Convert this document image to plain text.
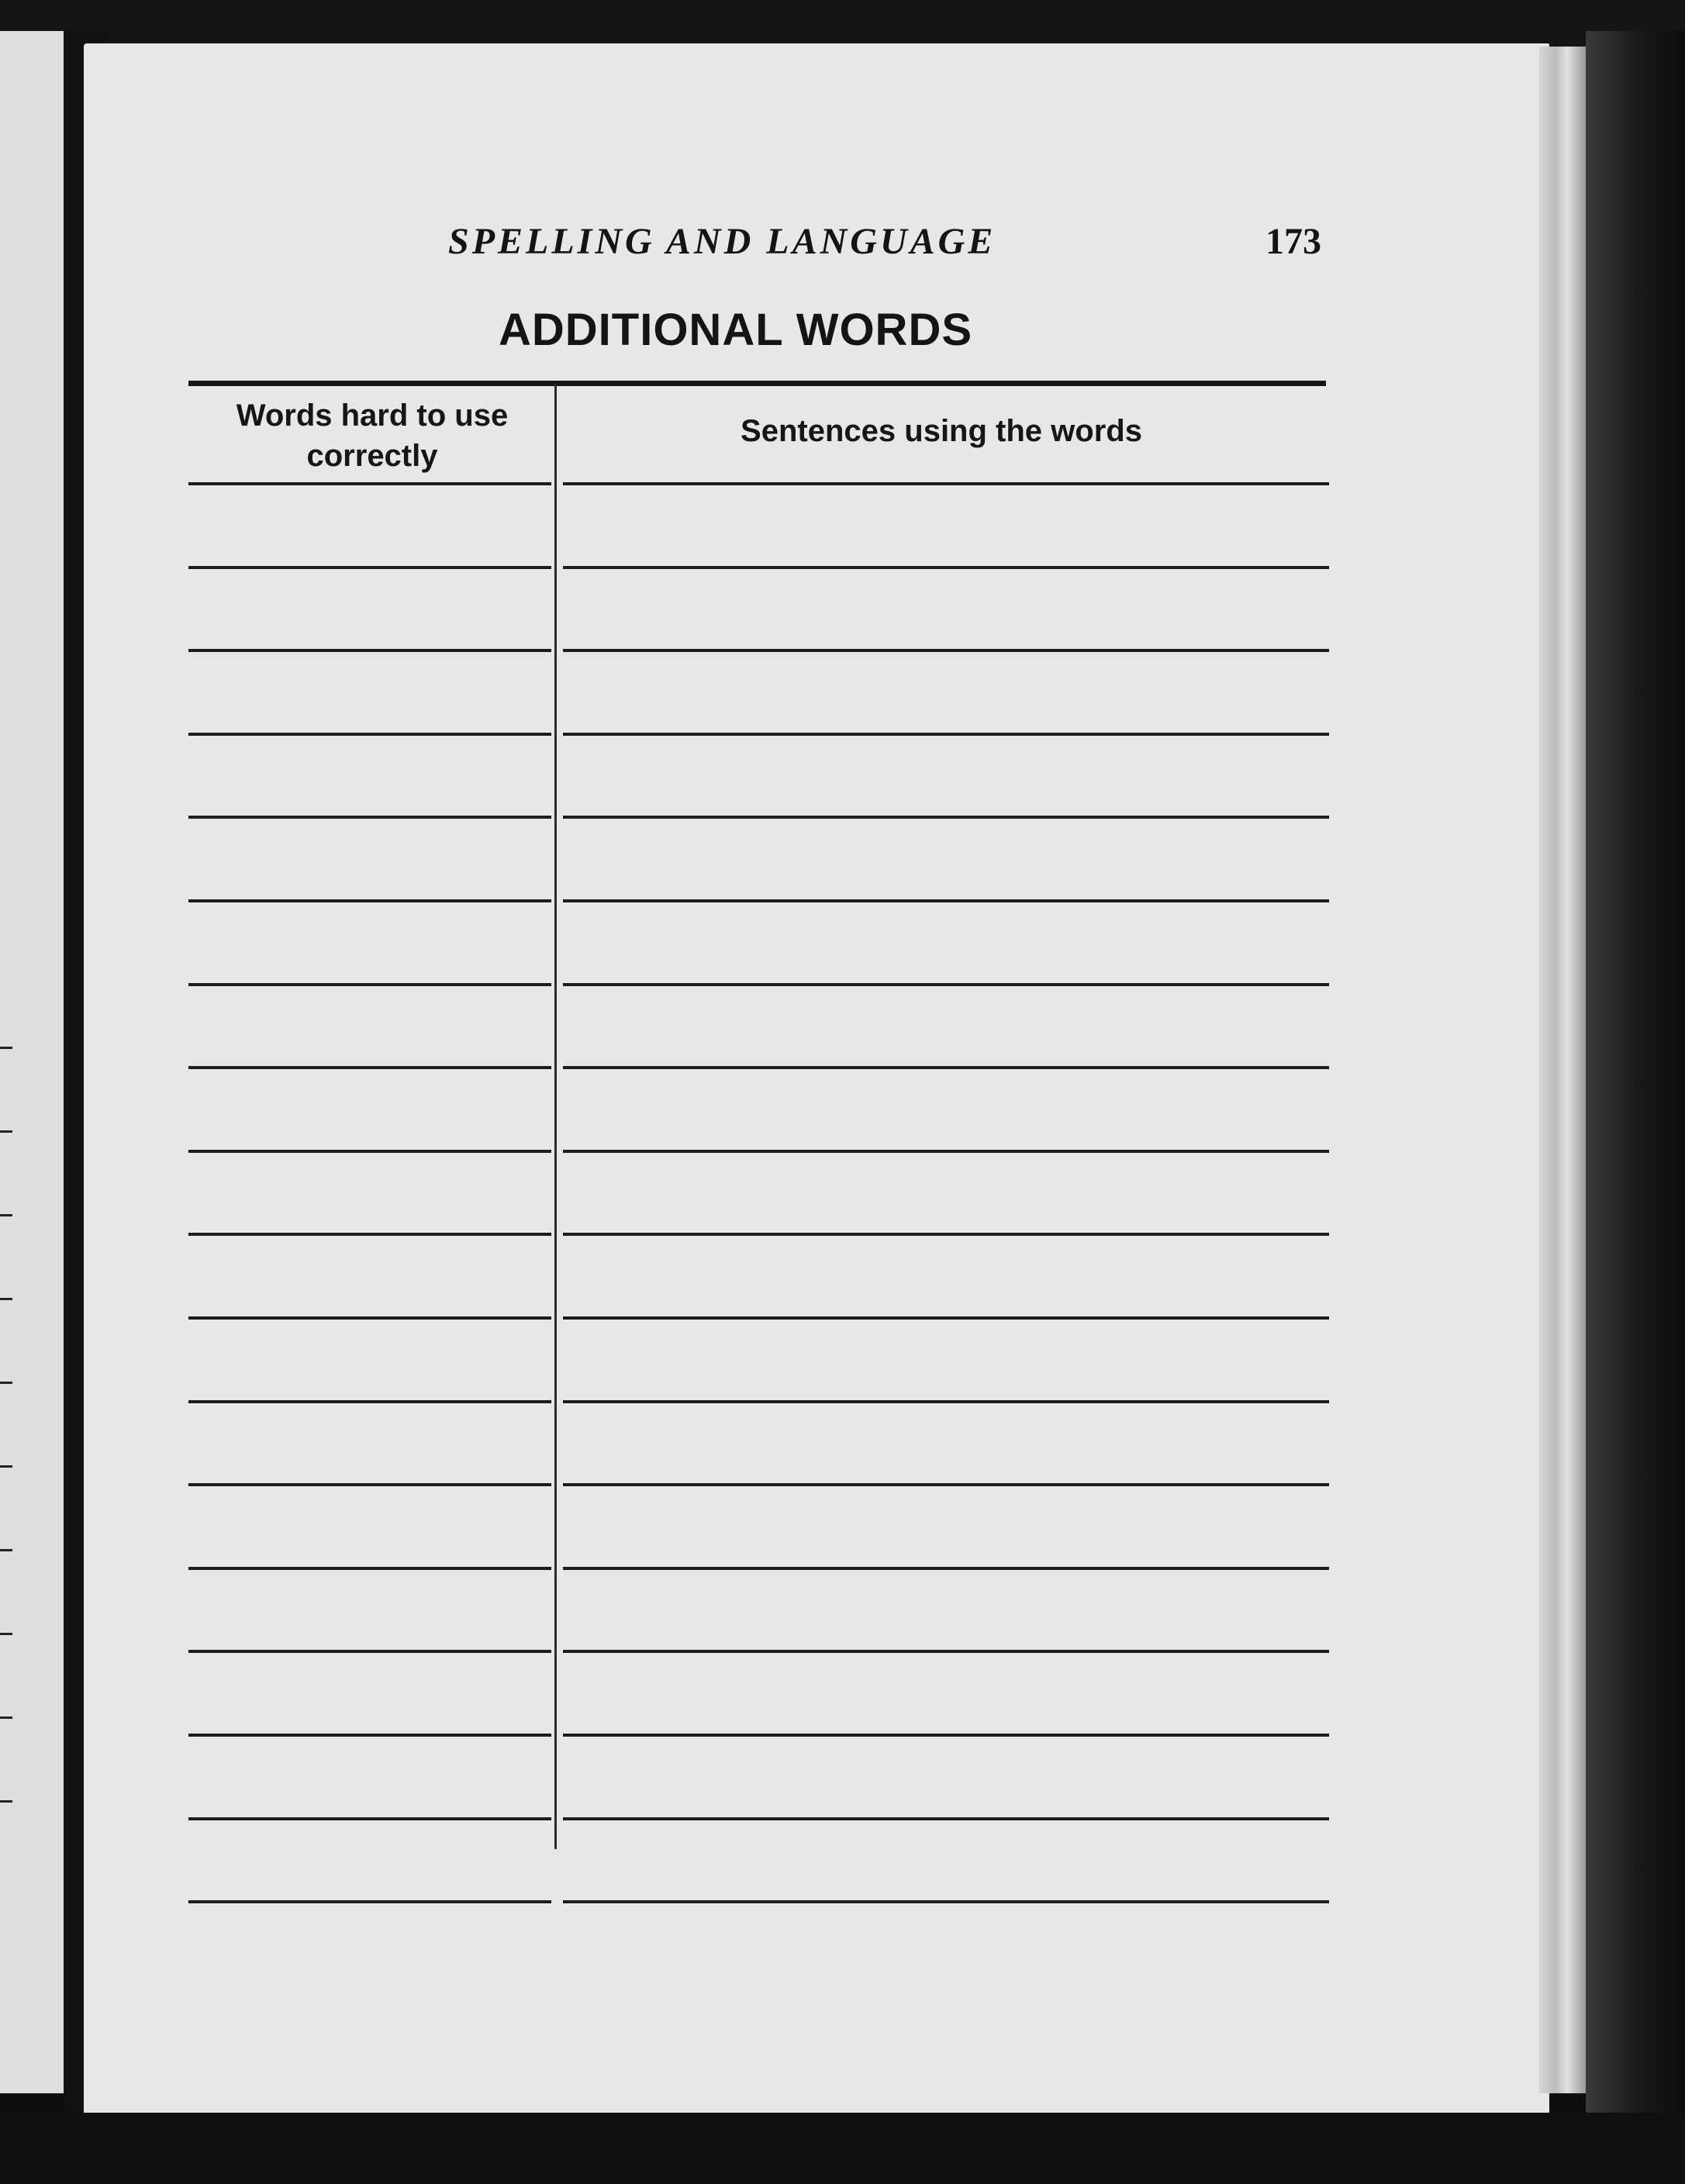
SPELLING AND LANGUAGE	173
ADDITIONAL WORDS
Words hard to use correctly
Sentences using the words
